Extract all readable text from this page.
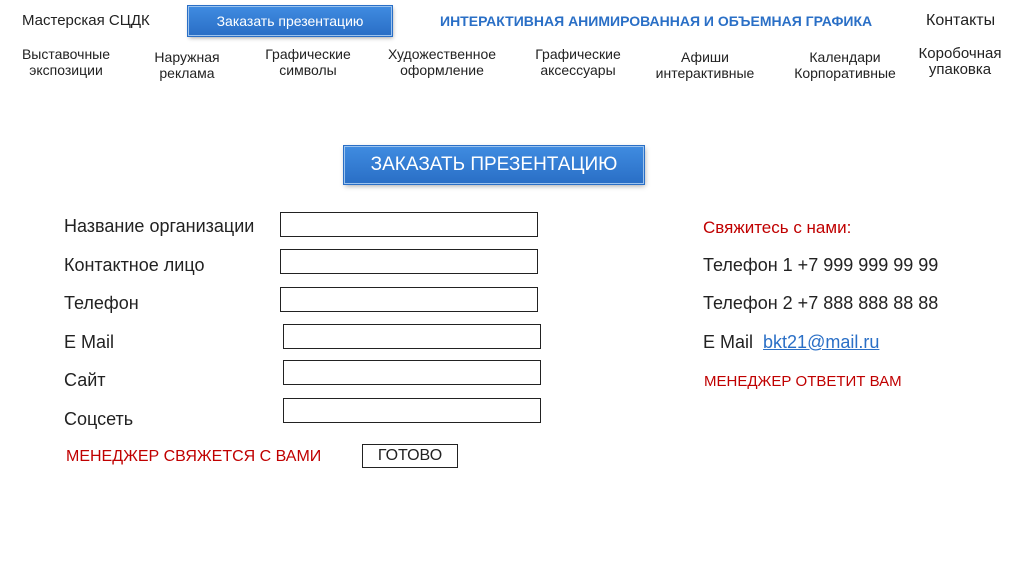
Мастерская СЦДК	Заказать презентацию	ИНТЕРАКТИВНАЯ АНИМИРОВАННАЯ И ОБЪЕМНАЯ ГРАФИКА	Контакты
Выставочные
экспозиции
Наружная
реклама
Графические
символы
Художественное
оформление
Графические
аксессуары
Афиши
интерактивные
Календари
Корпоративные
Коробочная
упаковка
ЗАКАЗАТЬ ПРЕЗЕНТАЦИЮ
Название организации
Контактное лицо
Телефон
E Mail
Сайт
Соцсеть
МЕНЕДЖЕР СВЯЖЕТСЯ С ВАМИ	ГОТОВО
Свяжитесь с нами:
Телефон 1 +7 999 999 99 99
Телефон 2 +7 888 888 88 88
E Mail bkt21@mail.ru
МЕНЕДЖЕР ОТВЕТИТ ВАМ
